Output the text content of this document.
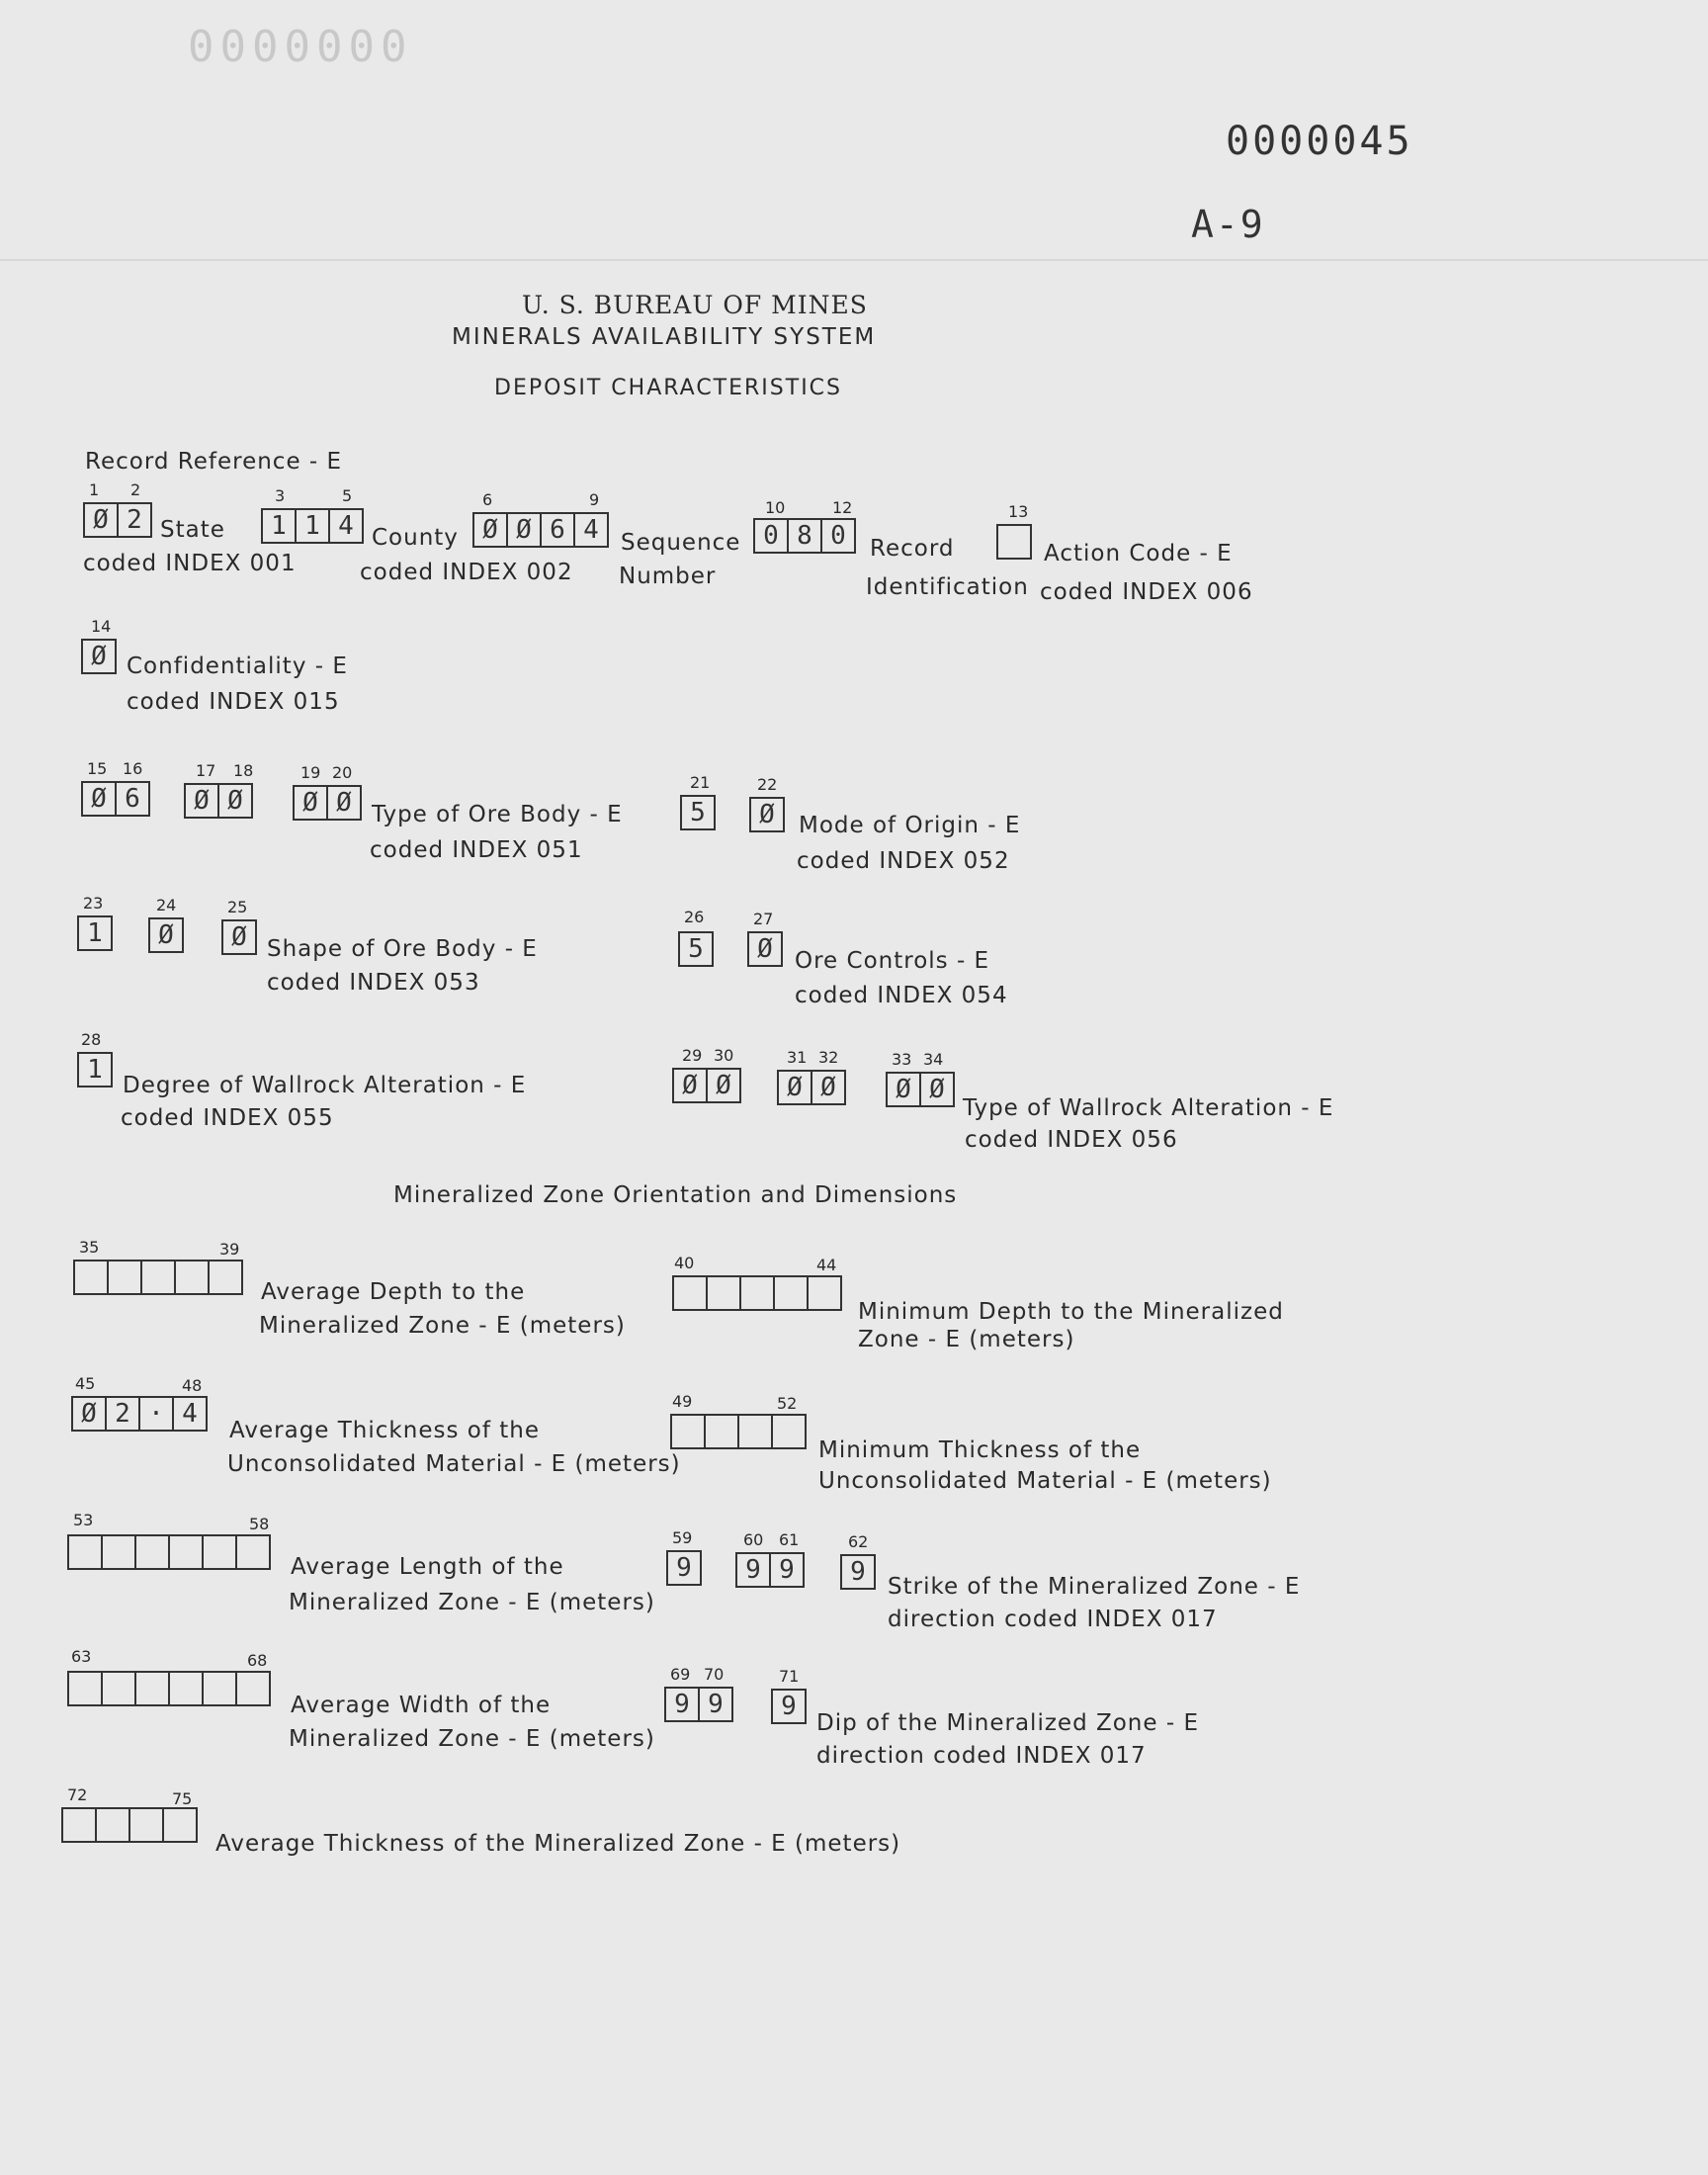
0000000
0000045
A-9
U. S. BUREAU OF MINES
MINERALS AVAILABILITY SYSTEM
DEPOSIT CHARACTERISTICS
Record Reference - E
1 2
Ø 2 State
coded INDEX 001
3	5
1 1 4 County
coded INDEX 002
6	9
Ø Ø 6 4 Sequence
Number
10	12
0 8 0	Record
Identification
13
Action Code - E
coded INDEX 006
14
Ø Confidentiality - E
coded INDEX 015
15 16
Ø 6
17 18
Ø Ø
19 20
Ø Ø Type of Ore Body - E
coded INDEX 051
21
5
22
Ø	Mode of Origin - E
coded INDEX 052
23
1
24
Ø
25
Ø Shape of Ore Body - E
coded INDEX 053
26
5
27
Ø Ore Controls - E
coded INDEX 054
28
1
Degree of Wallrock Alteration - E
coded INDEX 055
29 30
Ø Ø
31 32
Ø Ø
33 34
Ø Ø
Type of Wallrock Alteration - E
coded INDEX 056
Mineralized Zone Orientation and Dimensions
35	39
Average Depth to the
Mineralized Zone - E (meters)
40	44
Minimum Depth to the Mineralized
Zone - E (meters)
45	48
Ø 2 · 4
Average Thickness of the
Unconsolidated Material - E (meters)
49	52
Minimum Thickness of the
Unconsolidated Material - E (meters)
53	58
Average Length of the
Mineralized Zone - E (meters)
59
9
60 61
9 9
62
9 Strike of the Mineralized Zone - E
direction coded INDEX 017
63	68
Average Width of the
Mineralized Zone - E (meters)
69 70
9 9
71
9
Dip of the Mineralized Zone - E
direction coded INDEX 017
72	75
Average Thickness of the Mineralized Zone - E (meters)
